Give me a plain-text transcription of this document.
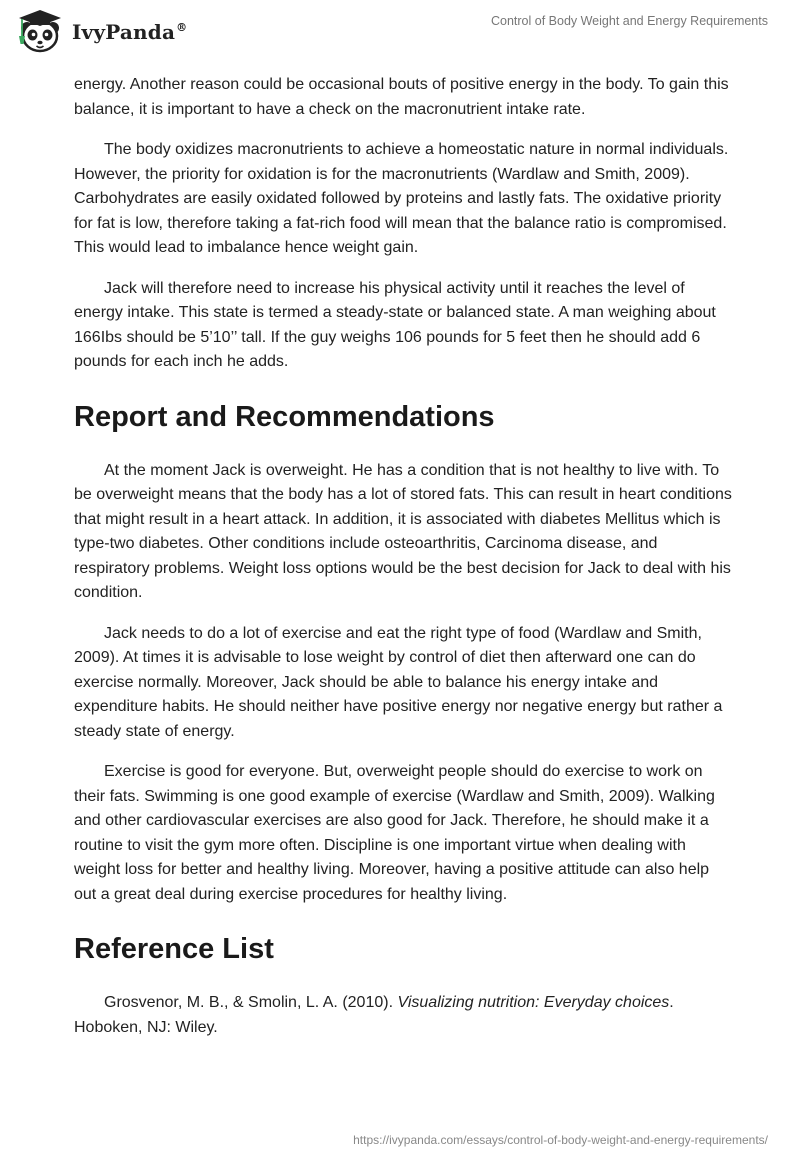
IvyPanda®	Control of Body Weight and Energy Requirements

energy. Another reason could be occasional bouts of positive energy in the body. To gain this balance, it is important to have a check on the macronutrient intake rate.

The body oxidizes macronutrients to achieve a homeostatic nature in normal individuals. However, the priority for oxidation is for the macronutrients (Wardlaw and Smith, 2009). Carbohydrates are easily oxidated followed by proteins and lastly fats. The oxidative priority for fat is low, therefore taking a fat-rich food will mean that the balance ratio is compromised. This would lead to imbalance hence weight gain.

Jack will therefore need to increase his physical activity until it reaches the level of energy intake. This state is termed a steady-state or balanced state. A man weighing about 166Ibs should be 5’10’’ tall. If the guy weighs 106 pounds for 5 feet then he should add 6 pounds for each inch he adds.

Report and Recommendations

At the moment Jack is overweight. He has a condition that is not healthy to live with. To be overweight means that the body has a lot of stored fats. This can result in heart conditions that might result in a heart attack. In addition, it is associated with diabetes Mellitus which is type-two diabetes. Other conditions include osteoarthritis, Carcinoma disease, and respiratory problems. Weight loss options would be the best decision for Jack to deal with his condition.

Jack needs to do a lot of exercise and eat the right type of food (Wardlaw and Smith, 2009). At times it is advisable to lose weight by control of diet then afterward one can do exercise normally. Moreover, Jack should be able to balance his energy intake and expenditure habits. He should neither have positive energy nor negative energy but rather a steady state of energy.

Exercise is good for everyone. But, overweight people should do exercise to work on their fats. Swimming is one good example of exercise (Wardlaw and Smith, 2009). Walking and other cardiovascular exercises are also good for Jack. Therefore, he should make it a routine to visit the gym more often. Discipline is one important virtue when dealing with weight loss for better and healthy living. Moreover, having a positive attitude can also help out a great deal during exercise procedures for healthy living.

Reference List

Grosvenor, M. B., & Smolin, L. A. (2010). Visualizing nutrition: Everyday choices. Hoboken, NJ: Wiley.

https://ivypanda.com/essays/control-of-body-weight-and-energy-requirements/
